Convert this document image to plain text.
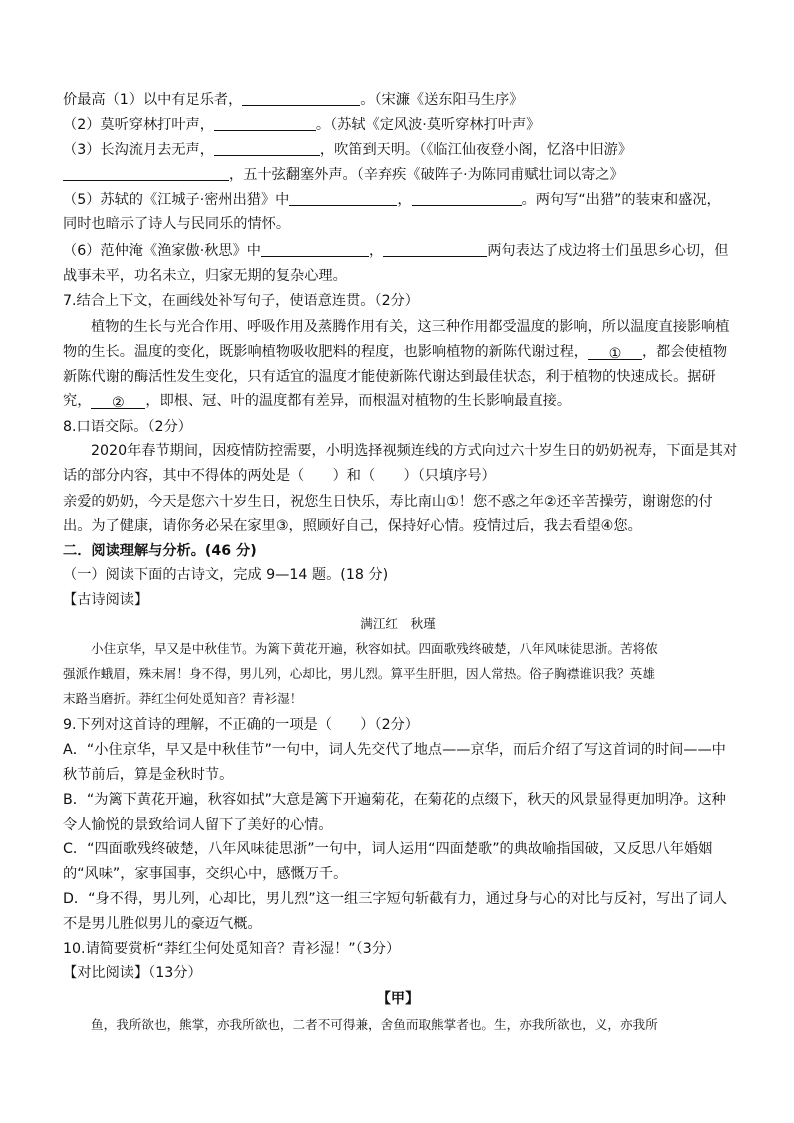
价最高（1）以中有足乐者，	。（宋濂《送东阳马生序》
（2）莫听穿林打叶声，	。（苏轼《定风波·莫听穿林打叶声》
（3）长沟流月去无声，	，吹笛到天明。（《临江仙夜登小阁，忆洛中旧游》
，五十弦翻塞外声。（辛弃疾《破阵子·为陈同甫赋壮词以寄之》
（5）苏轼的《江城子·密州出猎》中	，	。两句写“出猎”的装束和盛况，
同时也暗示了诗人与民同乐的情怀。
（6）范仲淹《渔家傲·秋思》中	，	两句表达了戍边将士们虽思乡心切，但
战事未平，功名未立，归家无期的复杂心理。
7.结合上下文，在画线处补写句子，使语意连贯。（2分）
植物的生长与光合作用、呼吸作用及蒸腾作用有关，这三种作用都受温度的影响，所以温度直接影响植
物的生长。温度的变化，既影响植物吸收肥料的程度，也影响植物的新陈代谢过程， ① ，都会使植物
新陈代谢的酶活性发生变化，只有适宜的温度才能使新陈代谢达到最佳状态，利于植物的快速成长。据研
究， ② ，即根、冠、叶的温度都有差异，而根温对植物的生长影响最直接。
8.口语交际。（2分）
2020年春节期间，因疫情防控需要，小明选择视频连线的方式向过六十岁生日的奶奶祝寿，下面是其对
话的部分内容，其中不得体的两处是（　　）和（　　）（只填序号）
亲爱的奶奶，今天是您六十岁生日，祝您生日快乐，寿比南山①！您不惑之年②还辛苦操劳，谢谢您的付
出。为了健康，请你务必呆在家里③，照顾好自己，保持好心情。疫情过后，我去看望④您。
二．阅读理解与分析。(46 分)
（一）阅读下面的古诗文，完成 9—14 题。(18 分)
【古诗阅读】
满江红　秋瑾
小住京华，早又是中秋佳节。为篱下黄花开遍，秋容如拭。四面歌残终破楚，八年风味徒思浙。苦将侬
强派作蛾眉，殊未屑！身不得，男儿列，心却比，男儿烈。算平生肝胆，因人常热。俗子胸襟谁识我？英雄
末路当磨折。莽红尘何处觅知音？青衫湿！
9.下列对这首诗的理解，不正确的一项是（　　）（2分）
A．“小住京华，早又是中秋佳节”一句中，词人先交代了地点——京华，而后介绍了写这首词的时间——中
秋节前后，算是金秋时节。
B．“为篱下黄花开遍，秋容如拭”大意是篱下开遍菊花，在菊花的点缀下，秋天的风景显得更加明净。这种
令人愉悦的景致给词人留下了美好的心情。
C．“四面歌残终破楚，八年风味徒思浙”一句中，词人运用“四面楚歌”的典故喻指国破，又反思八年婚姻
的“风味”，家事国事，交织心中，感慨万千。
D．“身不得，男儿列，心却比，男儿烈”这一组三字短句斩截有力，通过身与心的对比与反衬，写出了词人
不是男儿胜似男儿的豪迈气概。
10.请简要赏析“莽红尘何处觅知音？青衫湿！”（3分）
【对比阅读】（13分）
【甲】
鱼，我所欲也，熊掌，亦我所欲也，二者不可得兼，舍鱼而取熊掌者也。生，亦我所欲也，义，亦我所
